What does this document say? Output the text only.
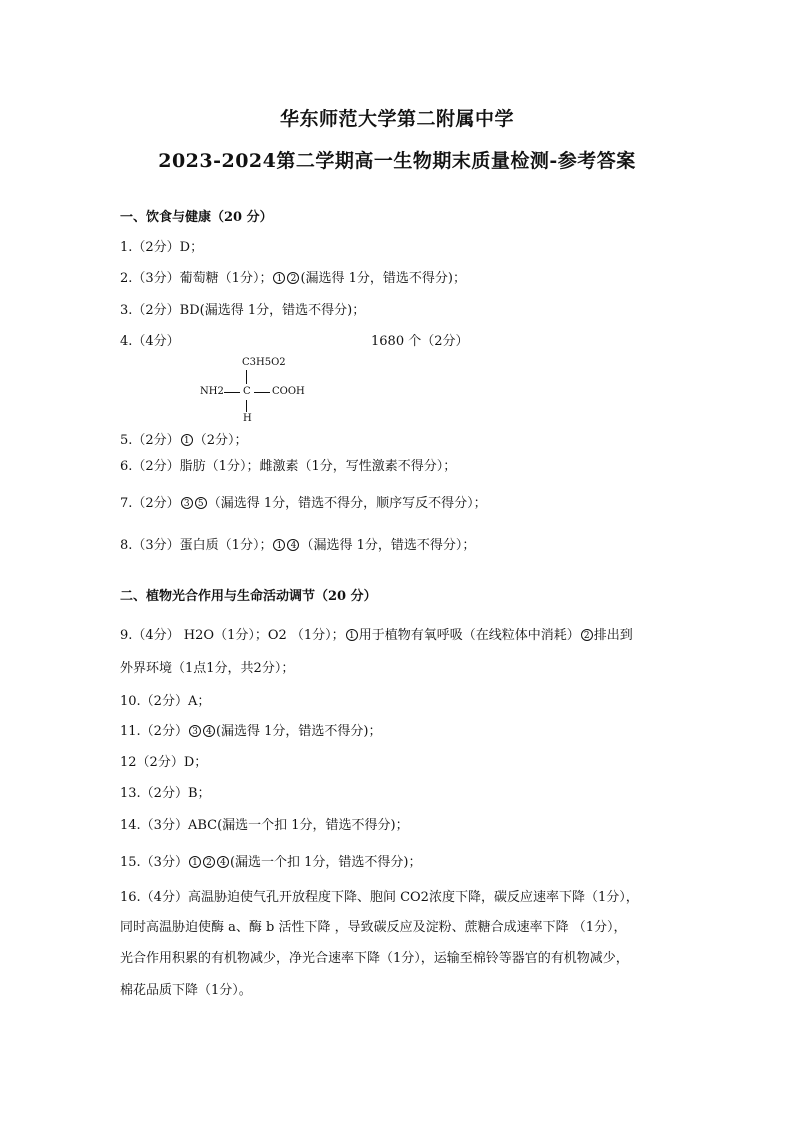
华东师范大学第二附属中学
2023-2024第二学期高一生物期末质量检测-参考答案
一、饮食与健康（20 分）
1.（2分）D；
2.（3分）葡萄糖（1分）； 1 2 (漏选得 1分，错选不得分)；
3.（2分）BD(漏选得 1分，错选不得分)；
4.（4分）	1680 个（2分）
C3H5O2
NH2 C COOH
H
5.（2分） 1 （2分）；
6.（2分）脂肪（1分）；雌激素（1分，写性激素不得分）；
7.（2分） 3 5 （漏选得 1分，错选不得分，顺序写反不得分）；
8.（3分）蛋白质（1分）； 1 4 （漏选得 1分，错选不得分）；
二、植物光合作用与生命活动调节（20 分）
9.（4分） H2O（1分）；O2 （1分）； 1 用于植物有氧呼吸（在线粒体中消耗） 2 排出到
外界环境（1点1分，共2分）；
10.（2分）A；
11.（2分） 3 4 (漏选得 1分，错选不得分)；
12（2分）D；
13.（2分）B；
14.（3分）ABC(漏选一个扣 1分，错选不得分)；
15.（3分） 1 2 4 (漏选一个扣 1分，错选不得分)；
16.（4分）高温胁迫使气孔开放程度下降、胞间 CO2浓度下降，碳反应速率下降（1分），
同时高温胁迫使酶 a、酶 b 活性下降 ，导致碳反应及淀粉、蔗糖合成速率下降 （1分），
光合作用积累的有机物减少，净光合速率下降（1分），运输至棉铃等器官的有机物减少，
棉花品质下降（1分）。
